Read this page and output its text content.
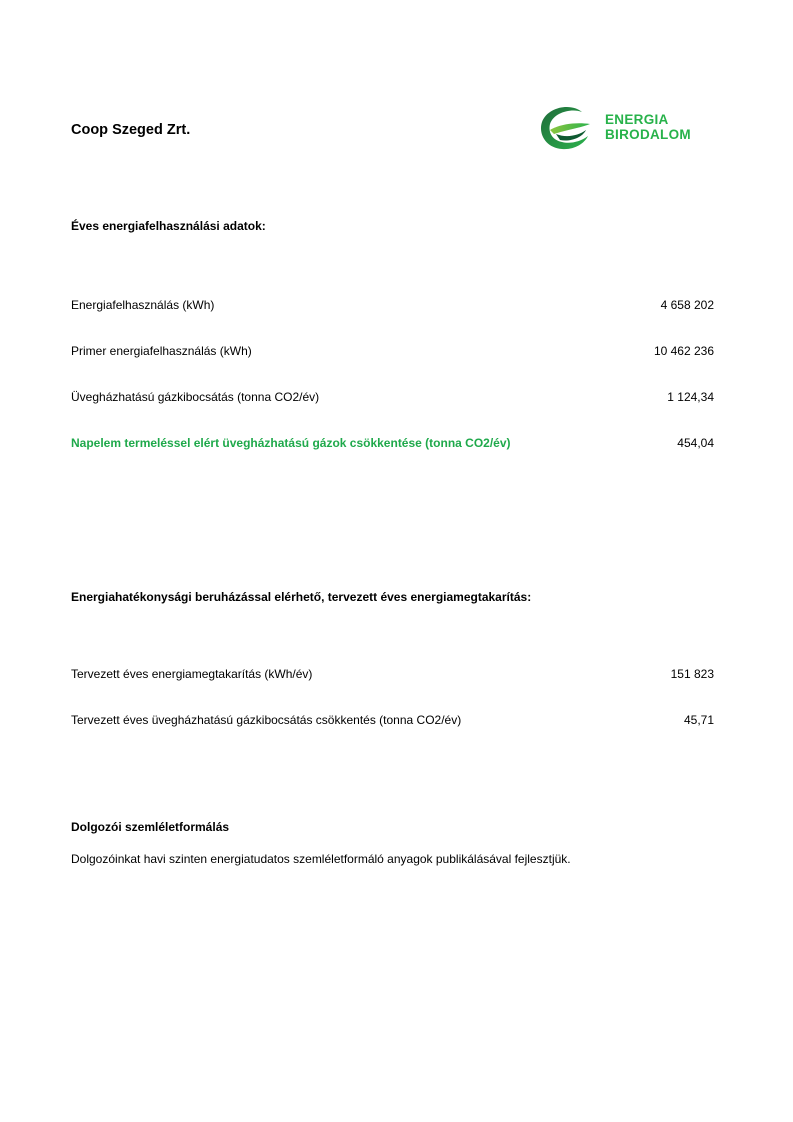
Coop Szeged Zrt.
ENERGIA
BIRODALOM
Éves energiafelhasználási adatok:
Energiafelhasználás (kWh)	4 658 202
Primer energiafelhasználás (kWh)	10 462 236
Üvegházhatású gázkibocsátás (tonna CO2/év)	1 124,34
Napelem termeléssel elért üvegházhatású gázok csökkentése (tonna CO2/év)	454,04
Energiahatékonysági beruházással elérhető, tervezett éves energiamegtakarítás:
Tervezett éves energiamegtakarítás (kWh/év)	151 823
Tervezett éves üvegházhatású gázkibocsátás csökkentés (tonna CO2/év)	45,71
Dolgozói szemléletformálás
Dolgozóinkat havi szinten energiatudatos szemléletformáló anyagok publikálásával fejlesztjük.
